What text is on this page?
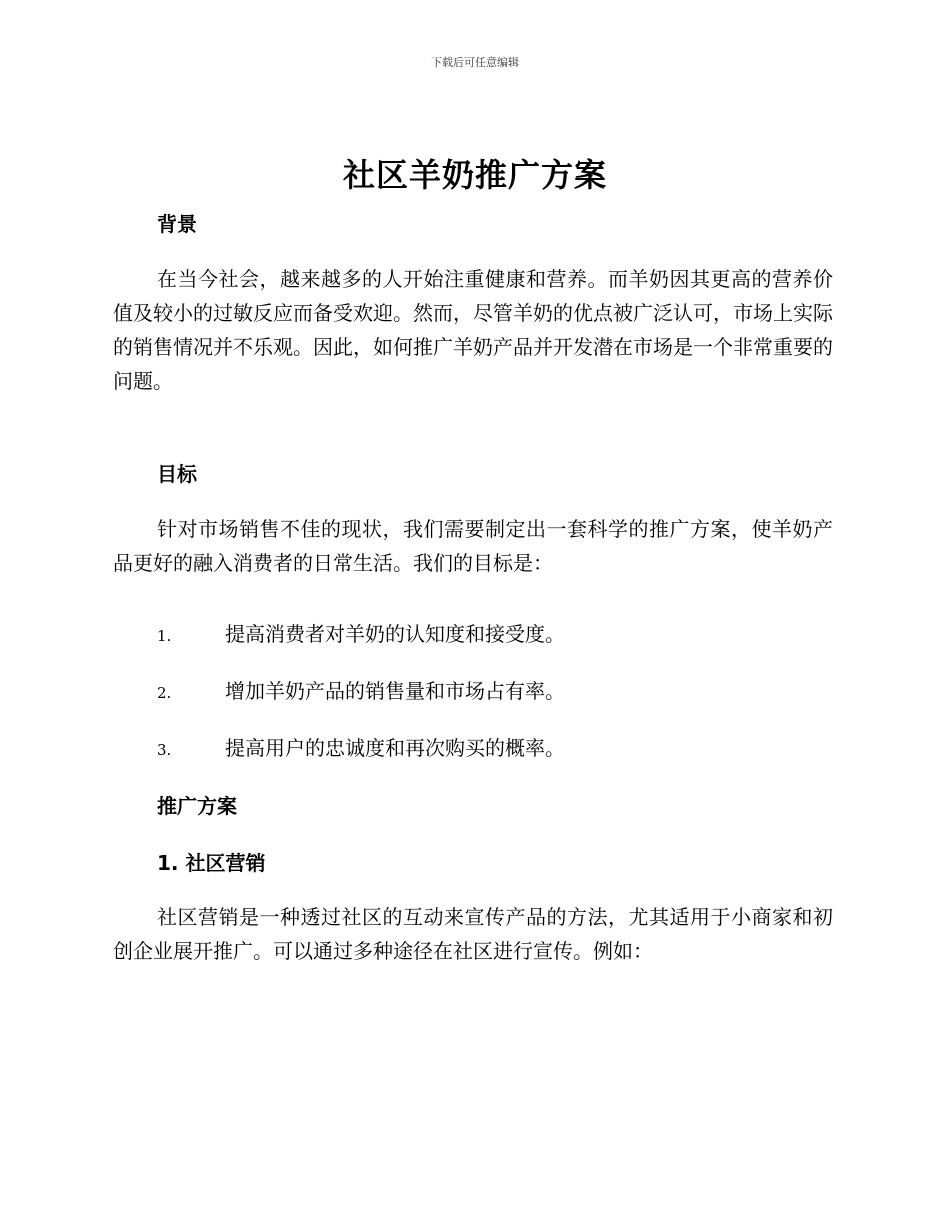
下载后可任意编辑
社区羊奶推广方案
背景

在当今社会，越来越多的人开始注重健康和营养。而羊奶因其更高的营养价值及较小的过敏反应而备受欢迎。然而，尽管羊奶的优点被广泛认可，市场上实际的销售情况并不乐观。因此，如何推广羊奶产品并开发潜在市场是一个非常重要的问题。

目标

针对市场销售不佳的现状，我们需要制定出一套科学的推广方案，使羊奶产品更好的融入消费者的日常生活。我们的目标是：

1.	提高消费者对羊奶的认知度和接受度。
2.	增加羊奶产品的销售量和市场占有率。
3.	提高用户的忠诚度和再次购买的概率。
推广方案
1. 社区营销

社区营销是一种透过社区的互动来宣传产品的方法，尤其适用于小商家和初创企业展开推广。可以通过多种途径在社区进行宣传。例如：
